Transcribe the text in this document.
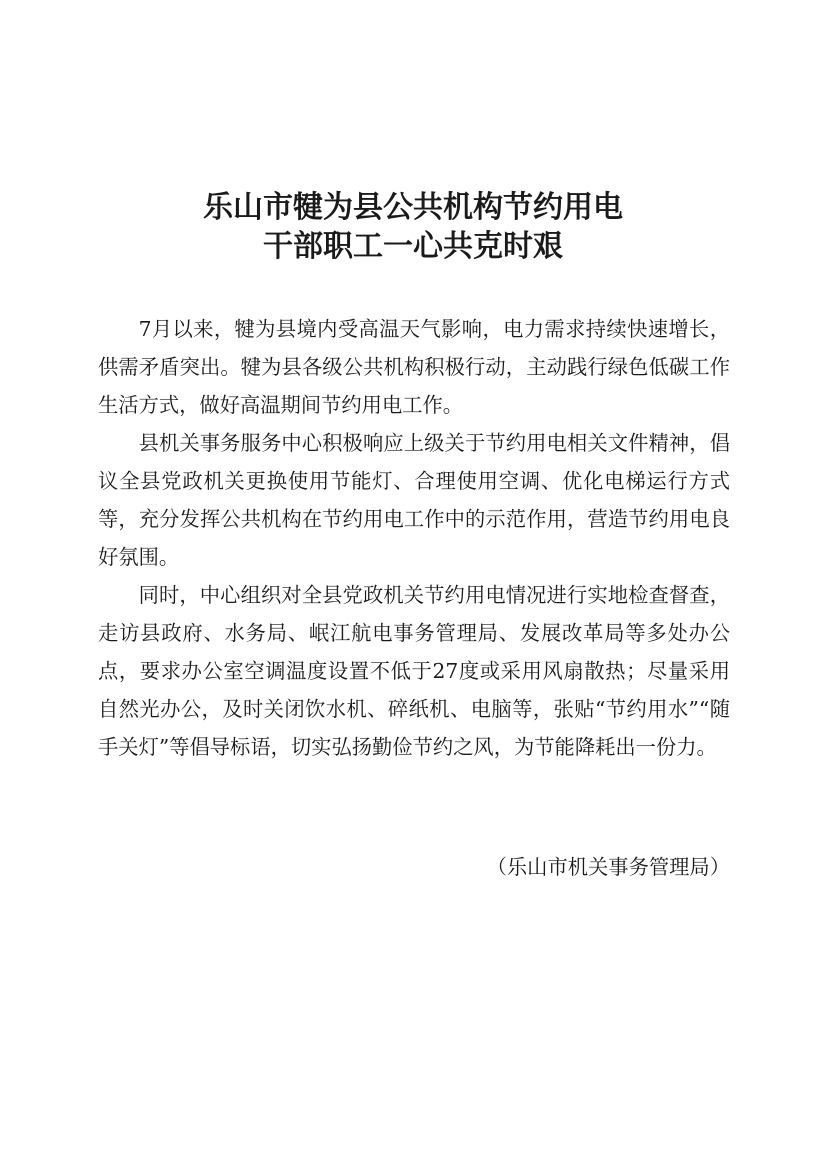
乐山市犍为县公共机构节约用电
干部职工一心共克时艰

7月以来，犍为县境内受高温天气影响，电力需求持续快速增长，供需矛盾突出。犍为县各级公共机构积极行动，主动践行绿色低碳工作生活方式，做好高温期间节约用电工作。

县机关事务服务中心积极响应上级关于节约用电相关文件精神，倡议全县党政机关更换使用节能灯、合理使用空调、优化电梯运行方式等，充分发挥公共机构在节约用电工作中的示范作用，营造节约用电良好氛围。

同时，中心组织对全县党政机关节约用电情况进行实地检查督查，走访县政府、水务局、岷江航电事务管理局、发展改革局等多处办公点，要求办公室空调温度设置不低于27度或采用风扇散热；尽量采用自然光办公，及时关闭饮水机、碎纸机、电脑等，张贴“节约用水”“随手关灯”等倡导标语，切实弘扬勤俭节约之风，为节能降耗出一份力。

（乐山市机关事务管理局）
